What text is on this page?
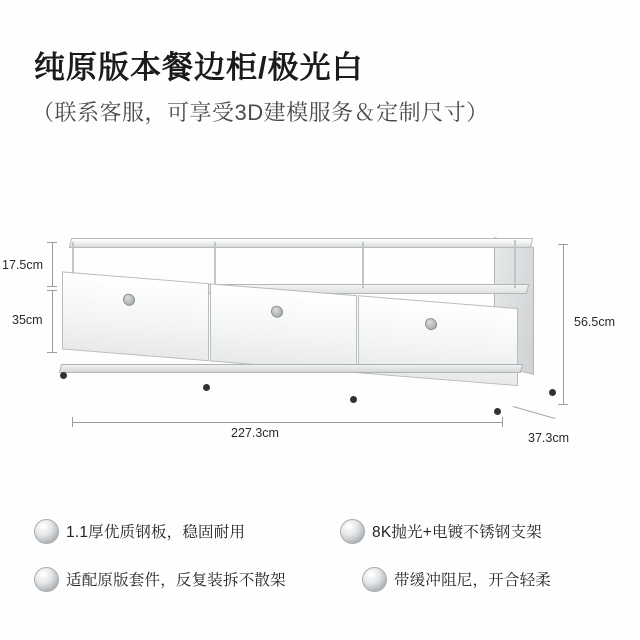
纯原版本餐边柜/极光白
（联系客服，可享受3D建模服务＆定制尺寸）
17.5cm
35cm	56.5cm
227.3cm	37.3cm
1.1厚优质钢板，稳固耐用	8K抛光+电镀不锈钢支架
适配原版套件，反复装拆不散架	带缓冲阻尼，开合轻柔
